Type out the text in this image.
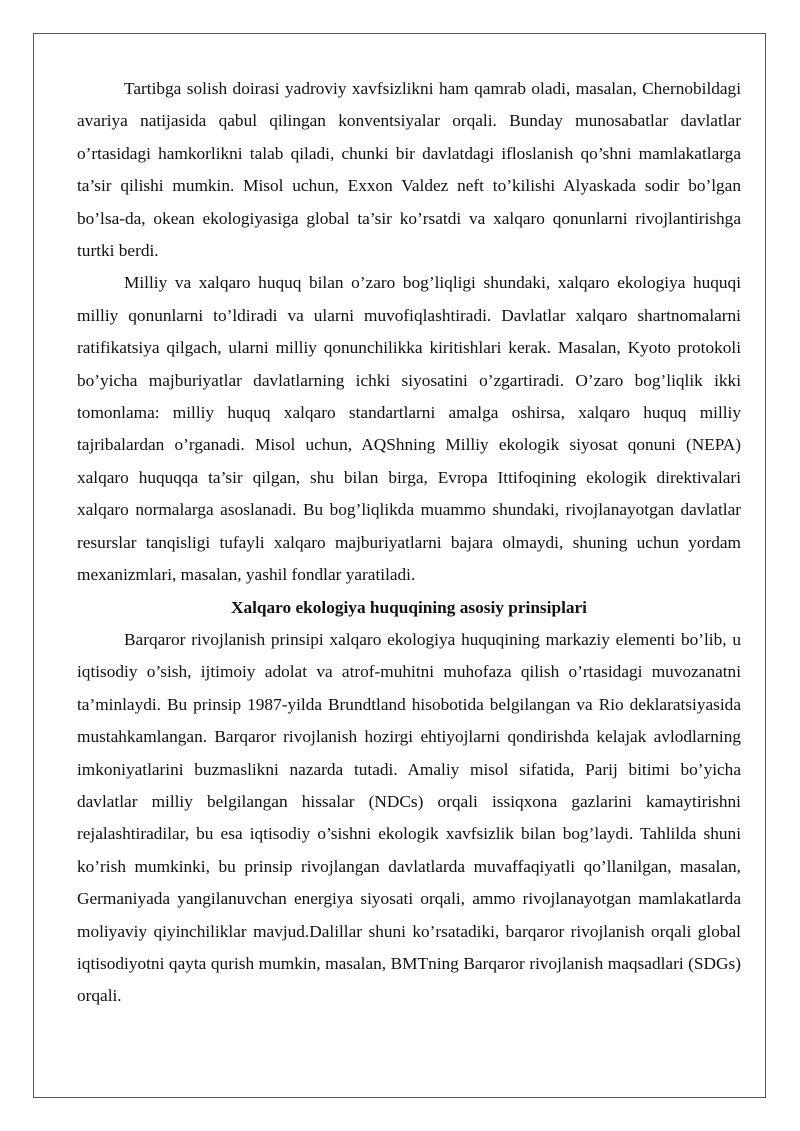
Tartibga solish doirasi yadroviy xavfsizlikni ham qamrab oladi, masalan, Chernobildagi avariya natijasida qabul qilingan konventsiyalar orqali. Bunday munosabatlar davlatlar o’rtasidagi hamkorlikni talab qiladi, chunki bir davlatdagi ifloslanish qo’shni mamlakatlarga ta’sir qilishi mumkin. Misol uchun, Exxon Valdez neft to’kilishi Alyaskada sodir bo’lgan bo’lsa-da, okean ekologiyasiga global ta’sir ko’rsatdi va xalqaro qonunlarni rivojlantirishga turtki berdi.

Milliy va xalqaro huquq bilan o’zaro bog’liqligi shundaki, xalqaro ekologiya huquqi milliy qonunlarni to’ldiradi va ularni muvofiqlashtiradi. Davlatlar xalqaro shartnomalarni ratifikatsiya qilgach, ularni milliy qonunchilikka kiritishlari kerak. Masalan, Kyoto protokoli bo’yicha majburiyatlar davlatlarning ichki siyosatini o’zgartiradi. O’zaro bog’liqlik ikki tomonlama: milliy huquq xalqaro standartlarni amalga oshirsa, xalqaro huquq milliy tajribalardan o’rganadi. Misol uchun, AQShning Milliy ekologik siyosat qonuni (NEPA) xalqaro huquqqa ta’sir qilgan, shu bilan birga, Evropa Ittifoqining ekologik direktivalari xalqaro normalarga asoslanadi. Bu bog’liqlikda muammo shundaki, rivojlanayotgan davlatlar resurslar tanqisligi tufayli xalqaro majburiyatlarni bajara olmaydi, shuning uchun yordam mexanizmlari, masalan, yashil fondlar yaratiladi.

Xalqaro ekologiya huquqining asosiy prinsiplari

Barqaror rivojlanish prinsipi xalqaro ekologiya huquqining markaziy elementi bo’lib, u iqtisodiy o’sish, ijtimoiy adolat va atrof-muhitni muhofaza qilish o’rtasidagi muvozanatni ta’minlaydi. Bu prinsip 1987-yilda Brundtland hisobotida belgilangan va Rio deklaratsiyasida mustahkamlangan. Barqaror rivojlanish hozirgi ehtiyojlarni qondirishda kelajak avlodlarning imkoniyatlarini buzmaslikni nazarda tutadi. Amaliy misol sifatida, Parij bitimi bo’yicha davlatlar milliy belgilangan hissalar (NDCs) orqali issiqxona gazlarini kamaytirishni rejalashtiradilar, bu esa iqtisodiy o’sishni ekologik xavfsizlik bilan bog’laydi. Tahlilda shuni ko’rish mumkinki, bu prinsip rivojlangan davlatlarda muvaffaqiyatli qo’llanilgan, masalan, Germaniyada yangilanuvchan energiya siyosati orqali, ammo rivojlanayotgan mamlakatlarda moliyaviy qiyinchiliklar mavjud.Dalillar shuni ko’rsatadiki, barqaror rivojlanish orqali global iqtisodiyotni qayta qurish mumkin, masalan, BMTning Barqaror rivojlanish maqsadlari (SDGs) orqali.
